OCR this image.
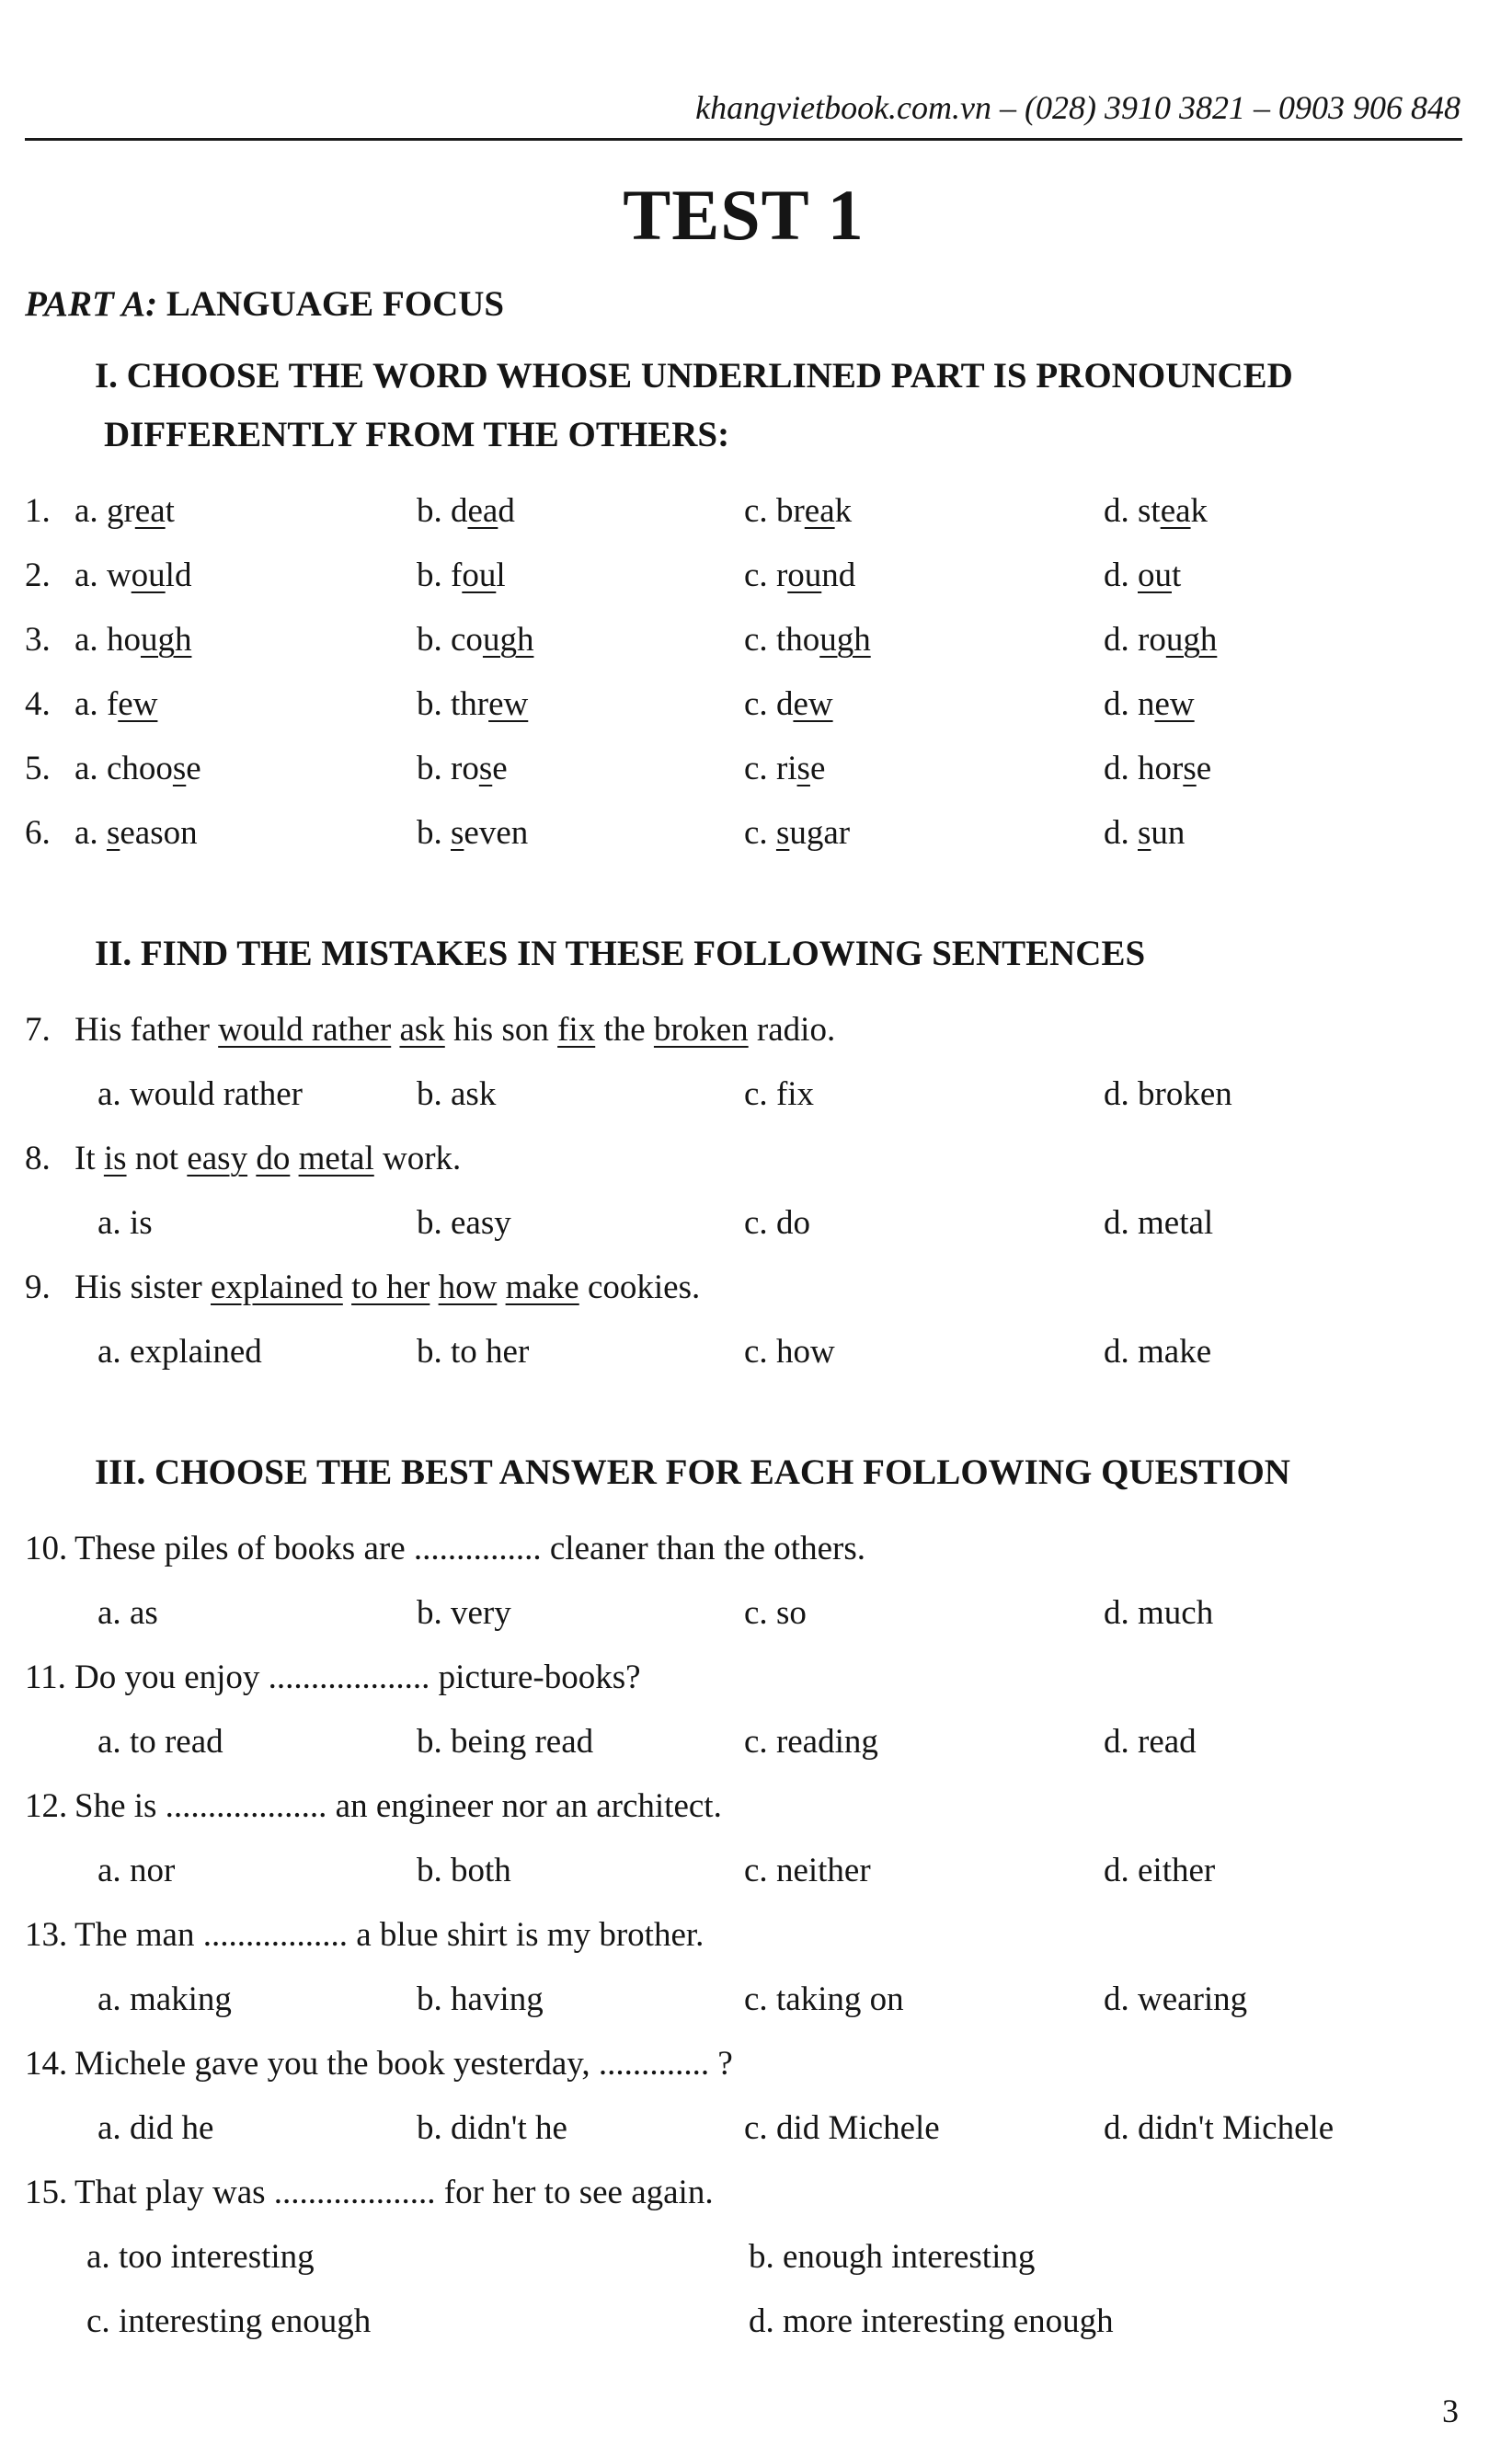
khangvietbook.com.vn – (028) 3910 3821 – 0903 906 848
TEST 1
PART A: LANGUAGE FOCUS
I. CHOOSE THE WORD WHOSE UNDERLINED PART IS PRONOUNCED
DIFFERENTLY FROM THE OTHERS:
1. a. great	b. dead	c. break	d. steak
2. a. would	b. foul	c. round	d. out
3. a. hough	b. cough	c. though	d. rough
4. a. few	b. threw	c. dew	d. new
5. a. choose	b. rose	c. rise	d. horse
6. a. season	b. seven	c. sugar	d. sun
II. FIND THE MISTAKES IN THESE FOLLOWING SENTENCES
7.His father would rather ask his son fix the broken radio.
a. would rather	b. ask	c. fix	d. broken
8.It is not easy do metal work.
a. is	b. easy	c. do	d. metal
9.His sister explained to her how make cookies.
a. explained	b. to her	c. how	d. make
III. CHOOSE THE BEST ANSWER FOR EACH FOLLOWING QUESTION
10.These piles of books are ............... cleaner than the others.
a. as	b. very	c. so	d. much
11.Do you enjoy ................... picture-books?
a. to read	b. being read	c. reading	d. read
12.She is ................... an engineer nor an architect.
a. nor	b. both	c. neither	d. either
13.The man ................. a blue shirt is my brother.
a. making	b. having	c. taking on	d. wearing
14.Michele gave you the book yesterday, ............. ?
a. did he	b. didn't he	c. did Michele	d. didn't Michele
15.That play was ................... for her to see again.
a. too interesting	b. enough interesting
c. interesting enough	d. more interesting enough
3
